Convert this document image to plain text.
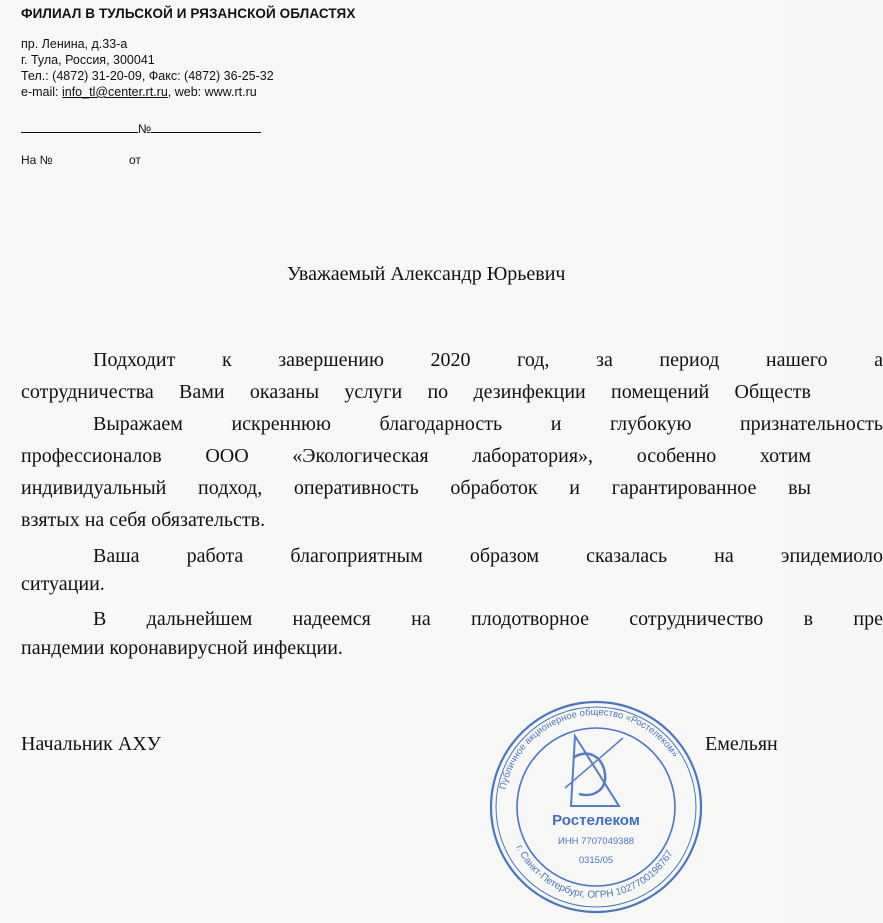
ФИЛИАЛ В ТУЛЬСКОЙ И РЯЗАНСКОЙ ОБЛАСТЯХ
пр. Ленина, д.33-а
г. Тула, Россия, 300041
Тел.: (4872) 31-20-09, Факс: (4872) 36-25-32
e-mail: info_tl@center.rt.ru, web: www.rt.ru
№
На №	от
Уважаемый Александр Юрьевич
Подходит к завершению 2020 год, за период нашего а
сотрудничества Вами оказаны услуги по дезинфекции помещений Обществ
Выражаем искреннюю благодарность и глубокую признательность
профессионалов ООО «Экологическая лаборатория», особенно хотим
индивидуальный подход, оперативность обработок и гарантированное вы
взятых на себя обязательств.
Ваша работа благоприятным образом сказалась на эпидемиоло
ситуации.
В дальнейшем надеемся на плодотворное сотрудничество в пре
пандемии коронавирусной инфекции.
Начальник АХУ	Емельян
Публичное акционерное общество «Ростелеком»
г. Санкт-Петербург, ОГРН 1027700198767
Ростелеком
ИНН 7707049388
0315/05
